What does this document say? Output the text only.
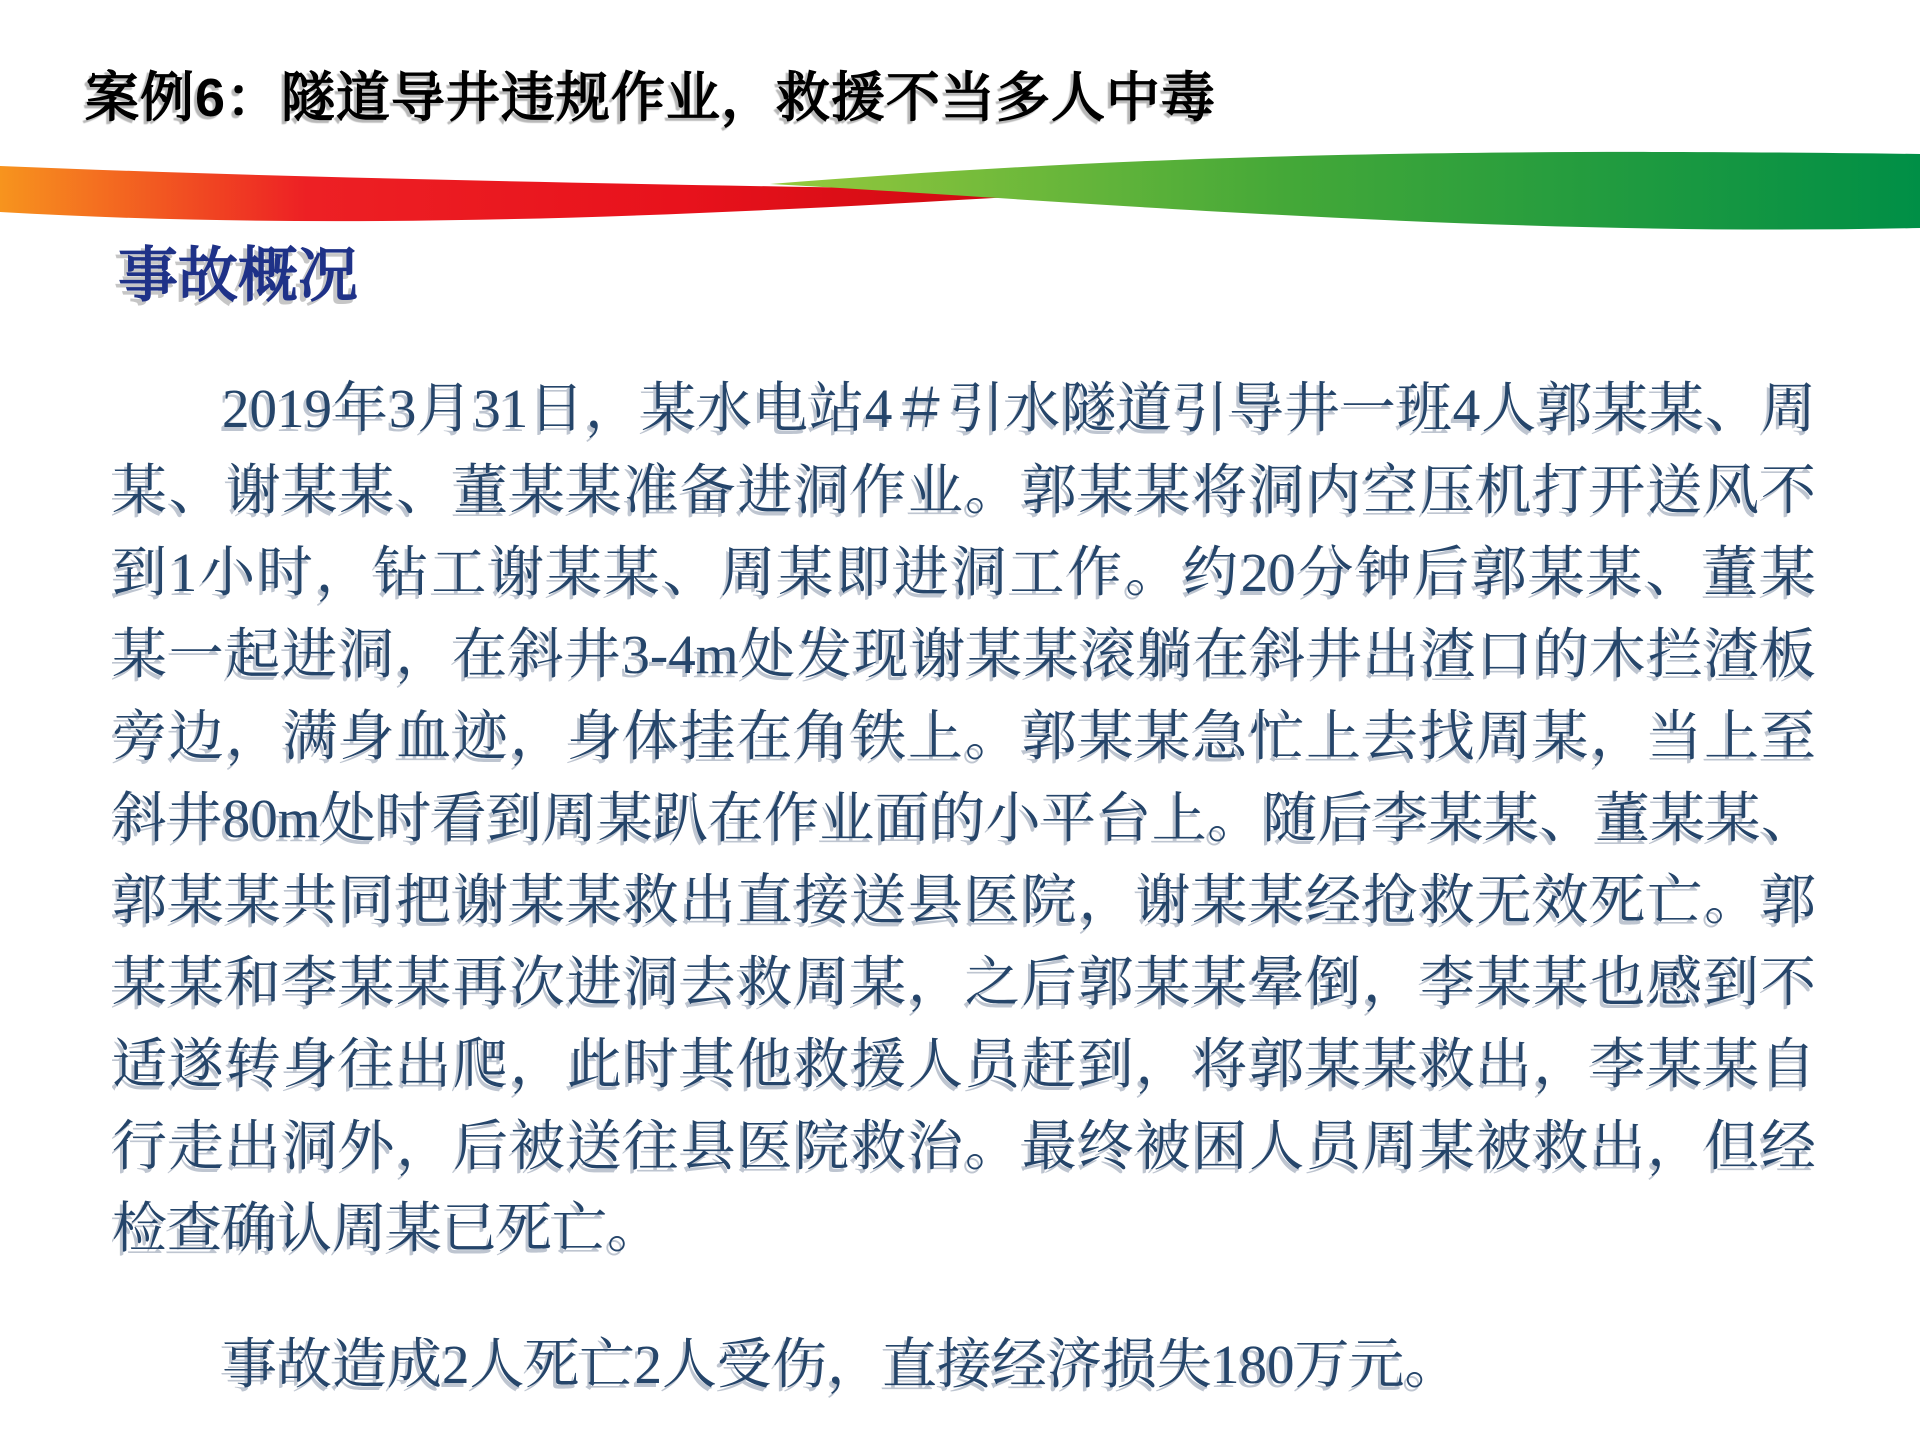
案例6：隧道导井违规作业，救援不当多人中毒
事故概况
2019年3月31日，某水电站4＃引水隧道引导井一班4人郭某某、周
某、谢某某、董某某准备进洞作业。郭某某将洞内空压机打开送风不
到1小时，钻工谢某某、周某即进洞工作。约20分钟后郭某某、董某
某一起进洞，在斜井3-4m处发现谢某某滚躺在斜井出渣口的木拦渣板
旁边，满身血迹，身体挂在角铁上。郭某某急忙上去找周某，当上至
斜井80m处时看到周某趴在作业面的小平台上。随后李某某、董某某、
郭某某共同把谢某某救出直接送县医院，谢某某经抢救无效死亡。郭
某某和李某某再次进洞去救周某，之后郭某某晕倒，李某某也感到不
适遂转身往出爬，此时其他救援人员赶到，将郭某某救出，李某某自
行走出洞外，后被送往县医院救治。最终被困人员周某被救出，但经
检查确认周某已死亡。
事故造成2人死亡2人受伤，直接经济损失180万元。
